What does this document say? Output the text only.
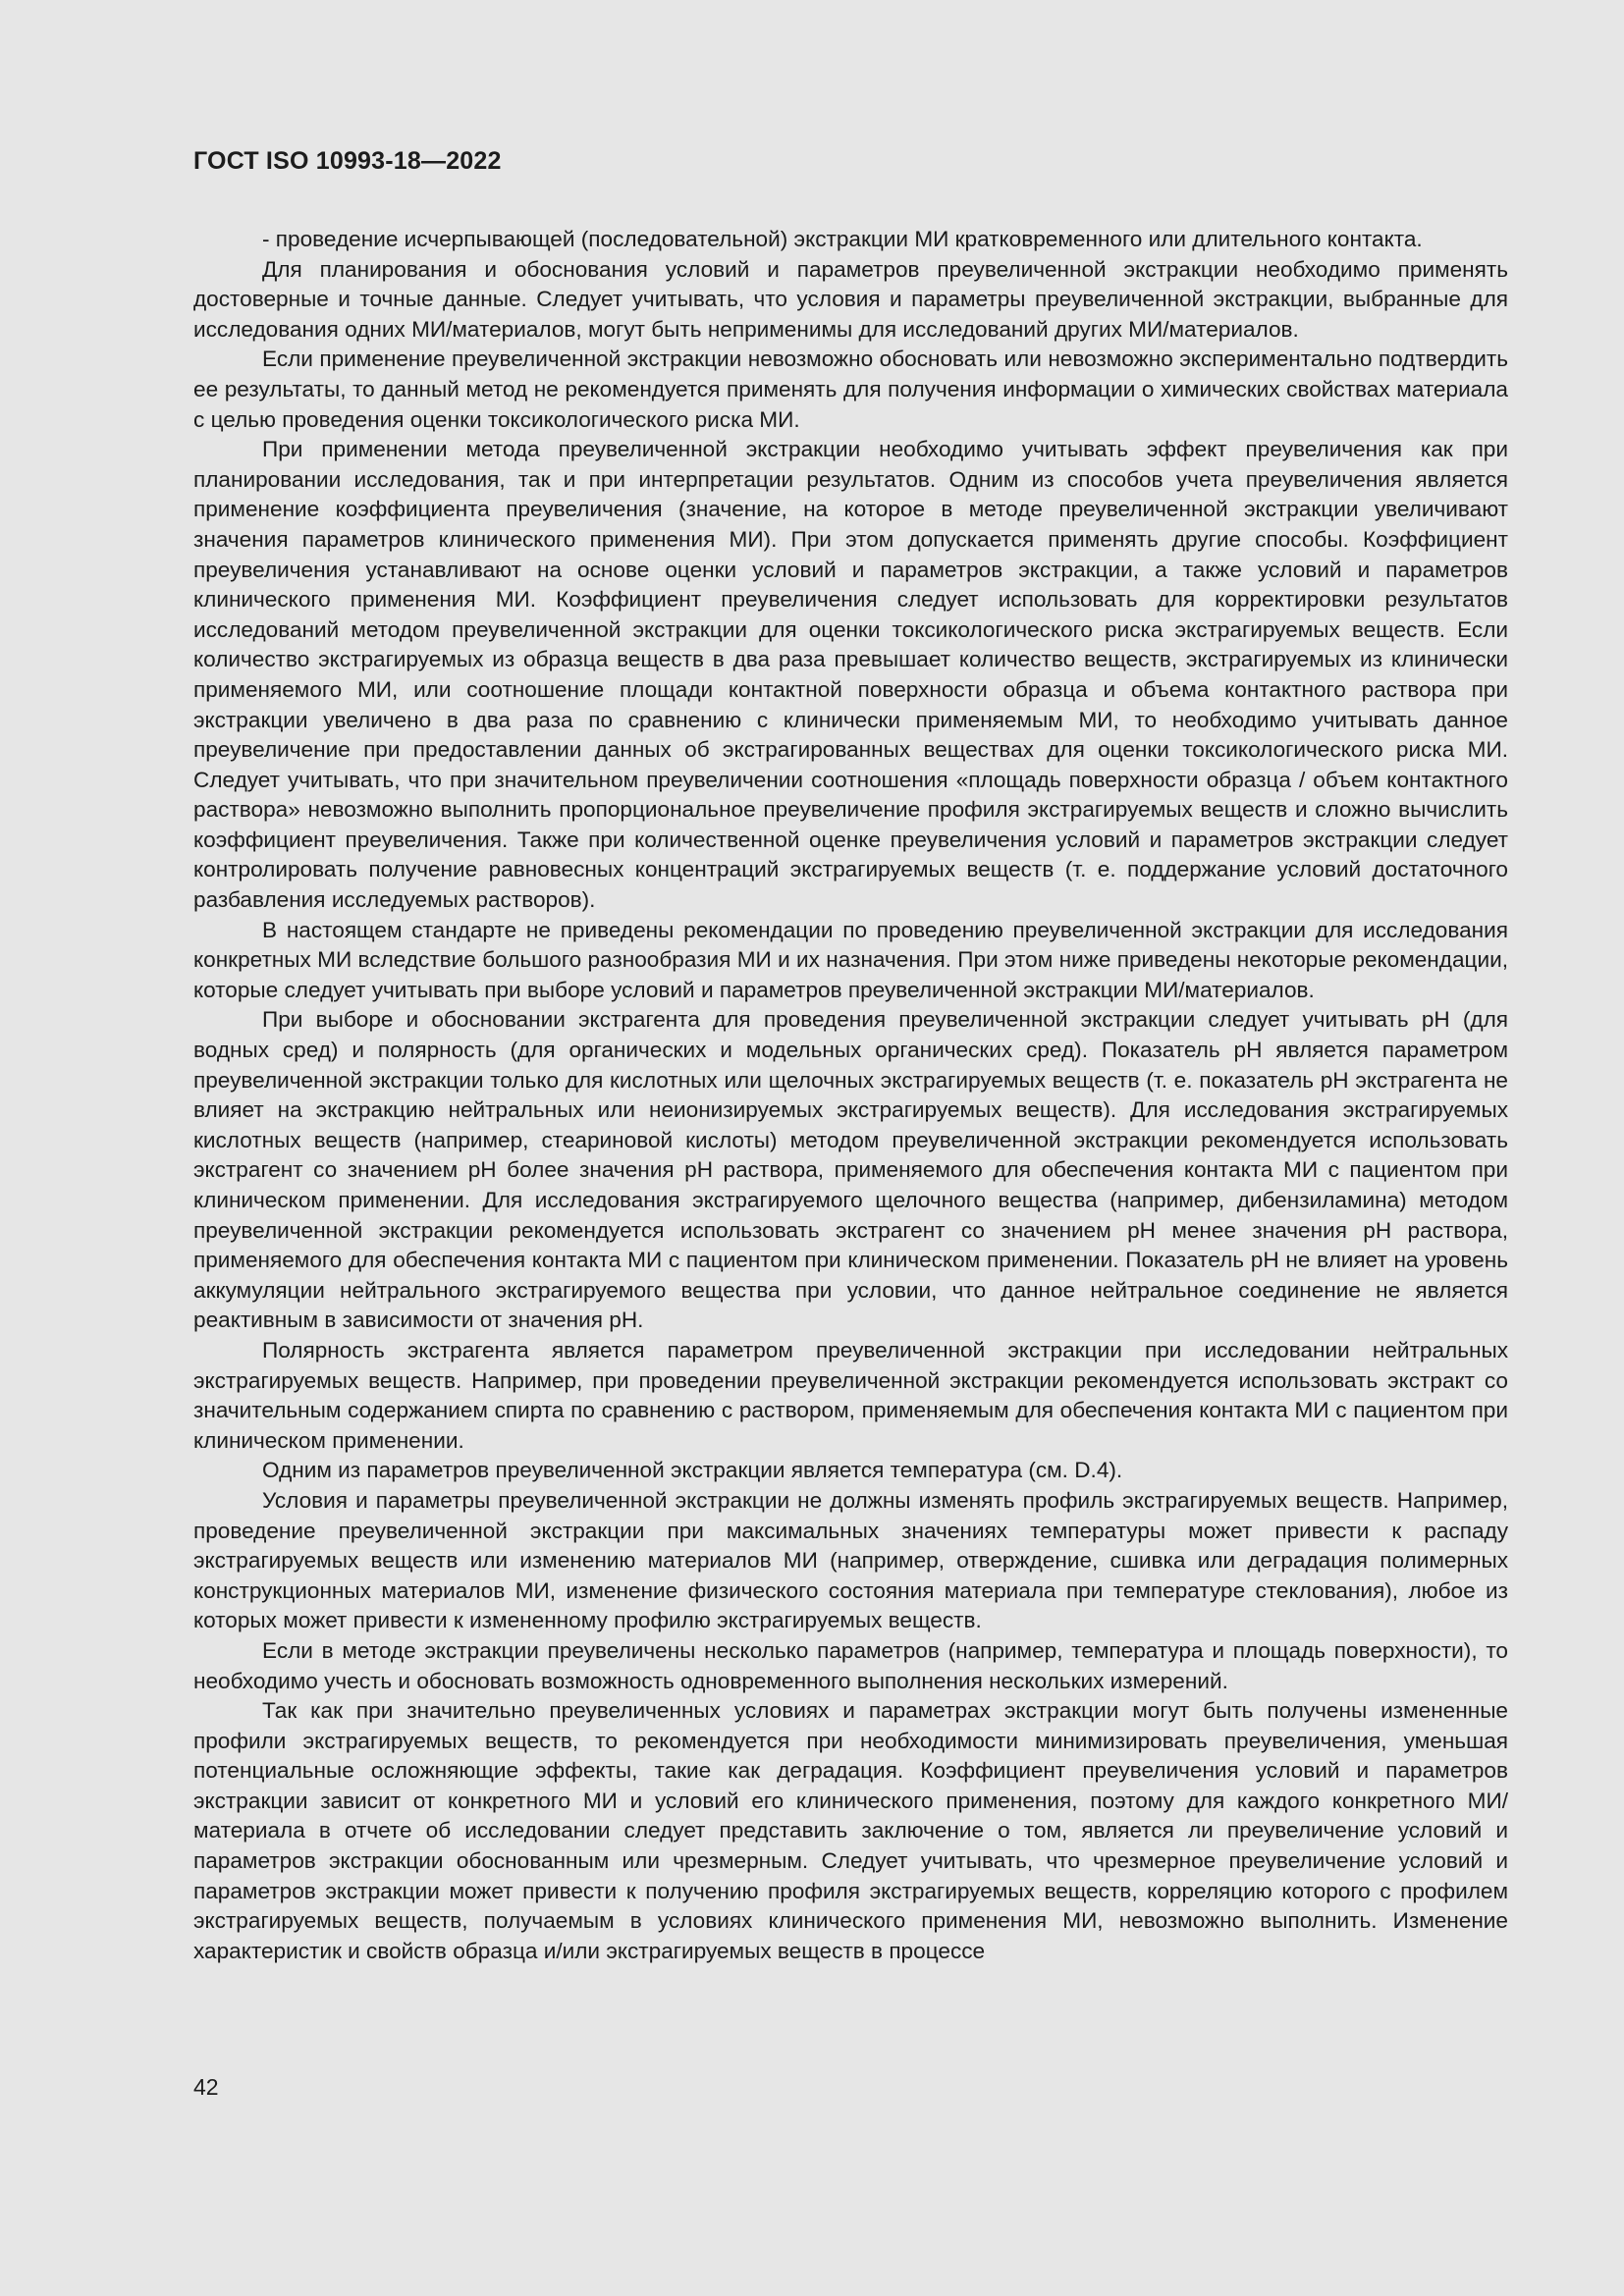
ГОСТ ISO 10993-18—2022

- проведение исчерпывающей (последовательной) экстракции МИ кратковременного или длительного контакта.

Для планирования и обоснования условий и параметров преувеличенной экстракции необходимо применять достоверные и точные данные. Следует учитывать, что условия и параметры преувеличенной экстракции, выбранные для исследования одних МИ/материалов, могут быть неприменимы для исследований других МИ/материалов.

Если применение преувеличенной экстракции невозможно обосновать или невозможно экспериментально подтвердить ее результаты, то данный метод не рекомендуется применять для получения информации о химических свойствах материала с целью проведения оценки токсикологического риска МИ.

При применении метода преувеличенной экстракции необходимо учитывать эффект преувеличения как при планировании исследования, так и при интерпретации результатов. Одним из способов учета преувеличения является применение коэффициента преувеличения (значение, на которое в методе преувеличенной экстракции увеличивают значения параметров клинического применения МИ). При этом допускается применять другие способы. Коэффициент преувеличения устанавливают на основе оценки условий и параметров экстракции, а также условий и параметров клинического применения МИ. Коэффициент преувеличения следует использовать для корректировки результатов исследований методом преувеличенной экстракции для оценки токсикологического риска экстрагируемых веществ. Если количество экстрагируемых из образца веществ в два раза превышает количество веществ, экстрагируемых из клинически применяемого МИ, или соотношение площади контактной поверхности образца и объема контактного раствора при экстракции увеличено в два раза по сравнению с клинически применяемым МИ, то необходимо учитывать данное преувеличение при предоставлении данных об экстрагированных веществах для оценки токсикологического риска МИ. Следует учитывать, что при значительном преувеличении соотношения «площадь поверхности образца / объем контактного раствора» невозможно выполнить пропорциональное преувеличение профиля экстрагируемых веществ и сложно вычислить коэффициент преувеличения. Также при количественной оценке преувеличения условий и параметров экстракции следует контролировать получение равновесных концентраций экстрагируемых веществ (т. е. поддержание условий достаточного разбавления исследуемых растворов).

В настоящем стандарте не приведены рекомендации по проведению преувеличенной экстракции для исследования конкретных МИ вследствие большого разнообразия МИ и их назначения. При этом ниже приведены некоторые рекомендации, которые следует учитывать при выборе условий и параметров преувеличенной экстракции МИ/материалов.

При выборе и обосновании экстрагента для проведения преувеличенной экстракции следует учитывать рН (для водных сред) и полярность (для органических и модельных органических сред). Показатель рН является параметром преувеличенной экстракции только для кислотных или щелочных экстрагируемых веществ (т. е. показатель рН экстрагента не влияет на экстракцию нейтральных или неионизируемых экстрагируемых веществ). Для исследования экстрагируемых кислотных веществ (например, стеариновой кислоты) методом преувеличенной экстракции рекомендуется использовать экстрагент со значением рН более значения рН раствора, применяемого для обеспечения контакта МИ с пациентом при клиническом применении. Для исследования экстрагируемого щелочного вещества (например, дибензиламина) методом преувеличенной экстракции рекомендуется использовать экстрагент со значением рН менее значения рН раствора, применяемого для обеспечения контакта МИ с пациентом при клиническом применении. Показатель рН не влияет на уровень аккумуляции нейтрального экстрагируемого вещества при условии, что данное нейтральное соединение не является реактивным в зависимости от значения рН.

Полярность экстрагента является параметром преувеличенной экстракции при исследовании нейтральных экстрагируемых веществ. Например, при проведении преувеличенной экстракции рекомендуется использовать экстракт со значительным содержанием спирта по сравнению с раствором, применяемым для обеспечения контакта МИ с пациентом при клиническом применении.

Одним из параметров преувеличенной экстракции является температура (см. D.4).

Условия и параметры преувеличенной экстракции не должны изменять профиль экстрагируемых веществ. Например, проведение преувеличенной экстракции при максимальных значениях температуры может привести к распаду экстрагируемых веществ или изменению материалов МИ (например, отверждение, сшивка или деградация полимерных конструкционных материалов МИ, изменение физического состояния материала при температуре стеклования), любое из которых может привести к измененному профилю экстрагируемых веществ.

Если в методе экстракции преувеличены несколько параметров (например, температура и площадь поверхности), то необходимо учесть и обосновать возможность одновременного выполнения нескольких измерений.

Так как при значительно преувеличенных условиях и параметрах экстракции могут быть получены измененные профили экстрагируемых веществ, то рекомендуется при необходимости минимизировать преувеличения, уменьшая потенциальные осложняющие эффекты, такие как деградация. Коэффициент преувеличения условий и параметров экстракции зависит от конкретного МИ и условий его клинического применения, поэтому для каждого конкретного МИ/материала в отчете об исследовании следует представить заключение о том, является ли преувеличение условий и параметров экстракции обоснованным или чрезмерным. Следует учитывать, что чрезмерное преувеличение условий и параметров экстракции может привести к получению профиля экстрагируемых веществ, корреляцию которого с профилем экстрагируемых веществ, получаемым в условиях клинического применения МИ, невозможно выполнить. Изменение характеристик и свойств образца и/или экстрагируемых веществ в процессе

42
